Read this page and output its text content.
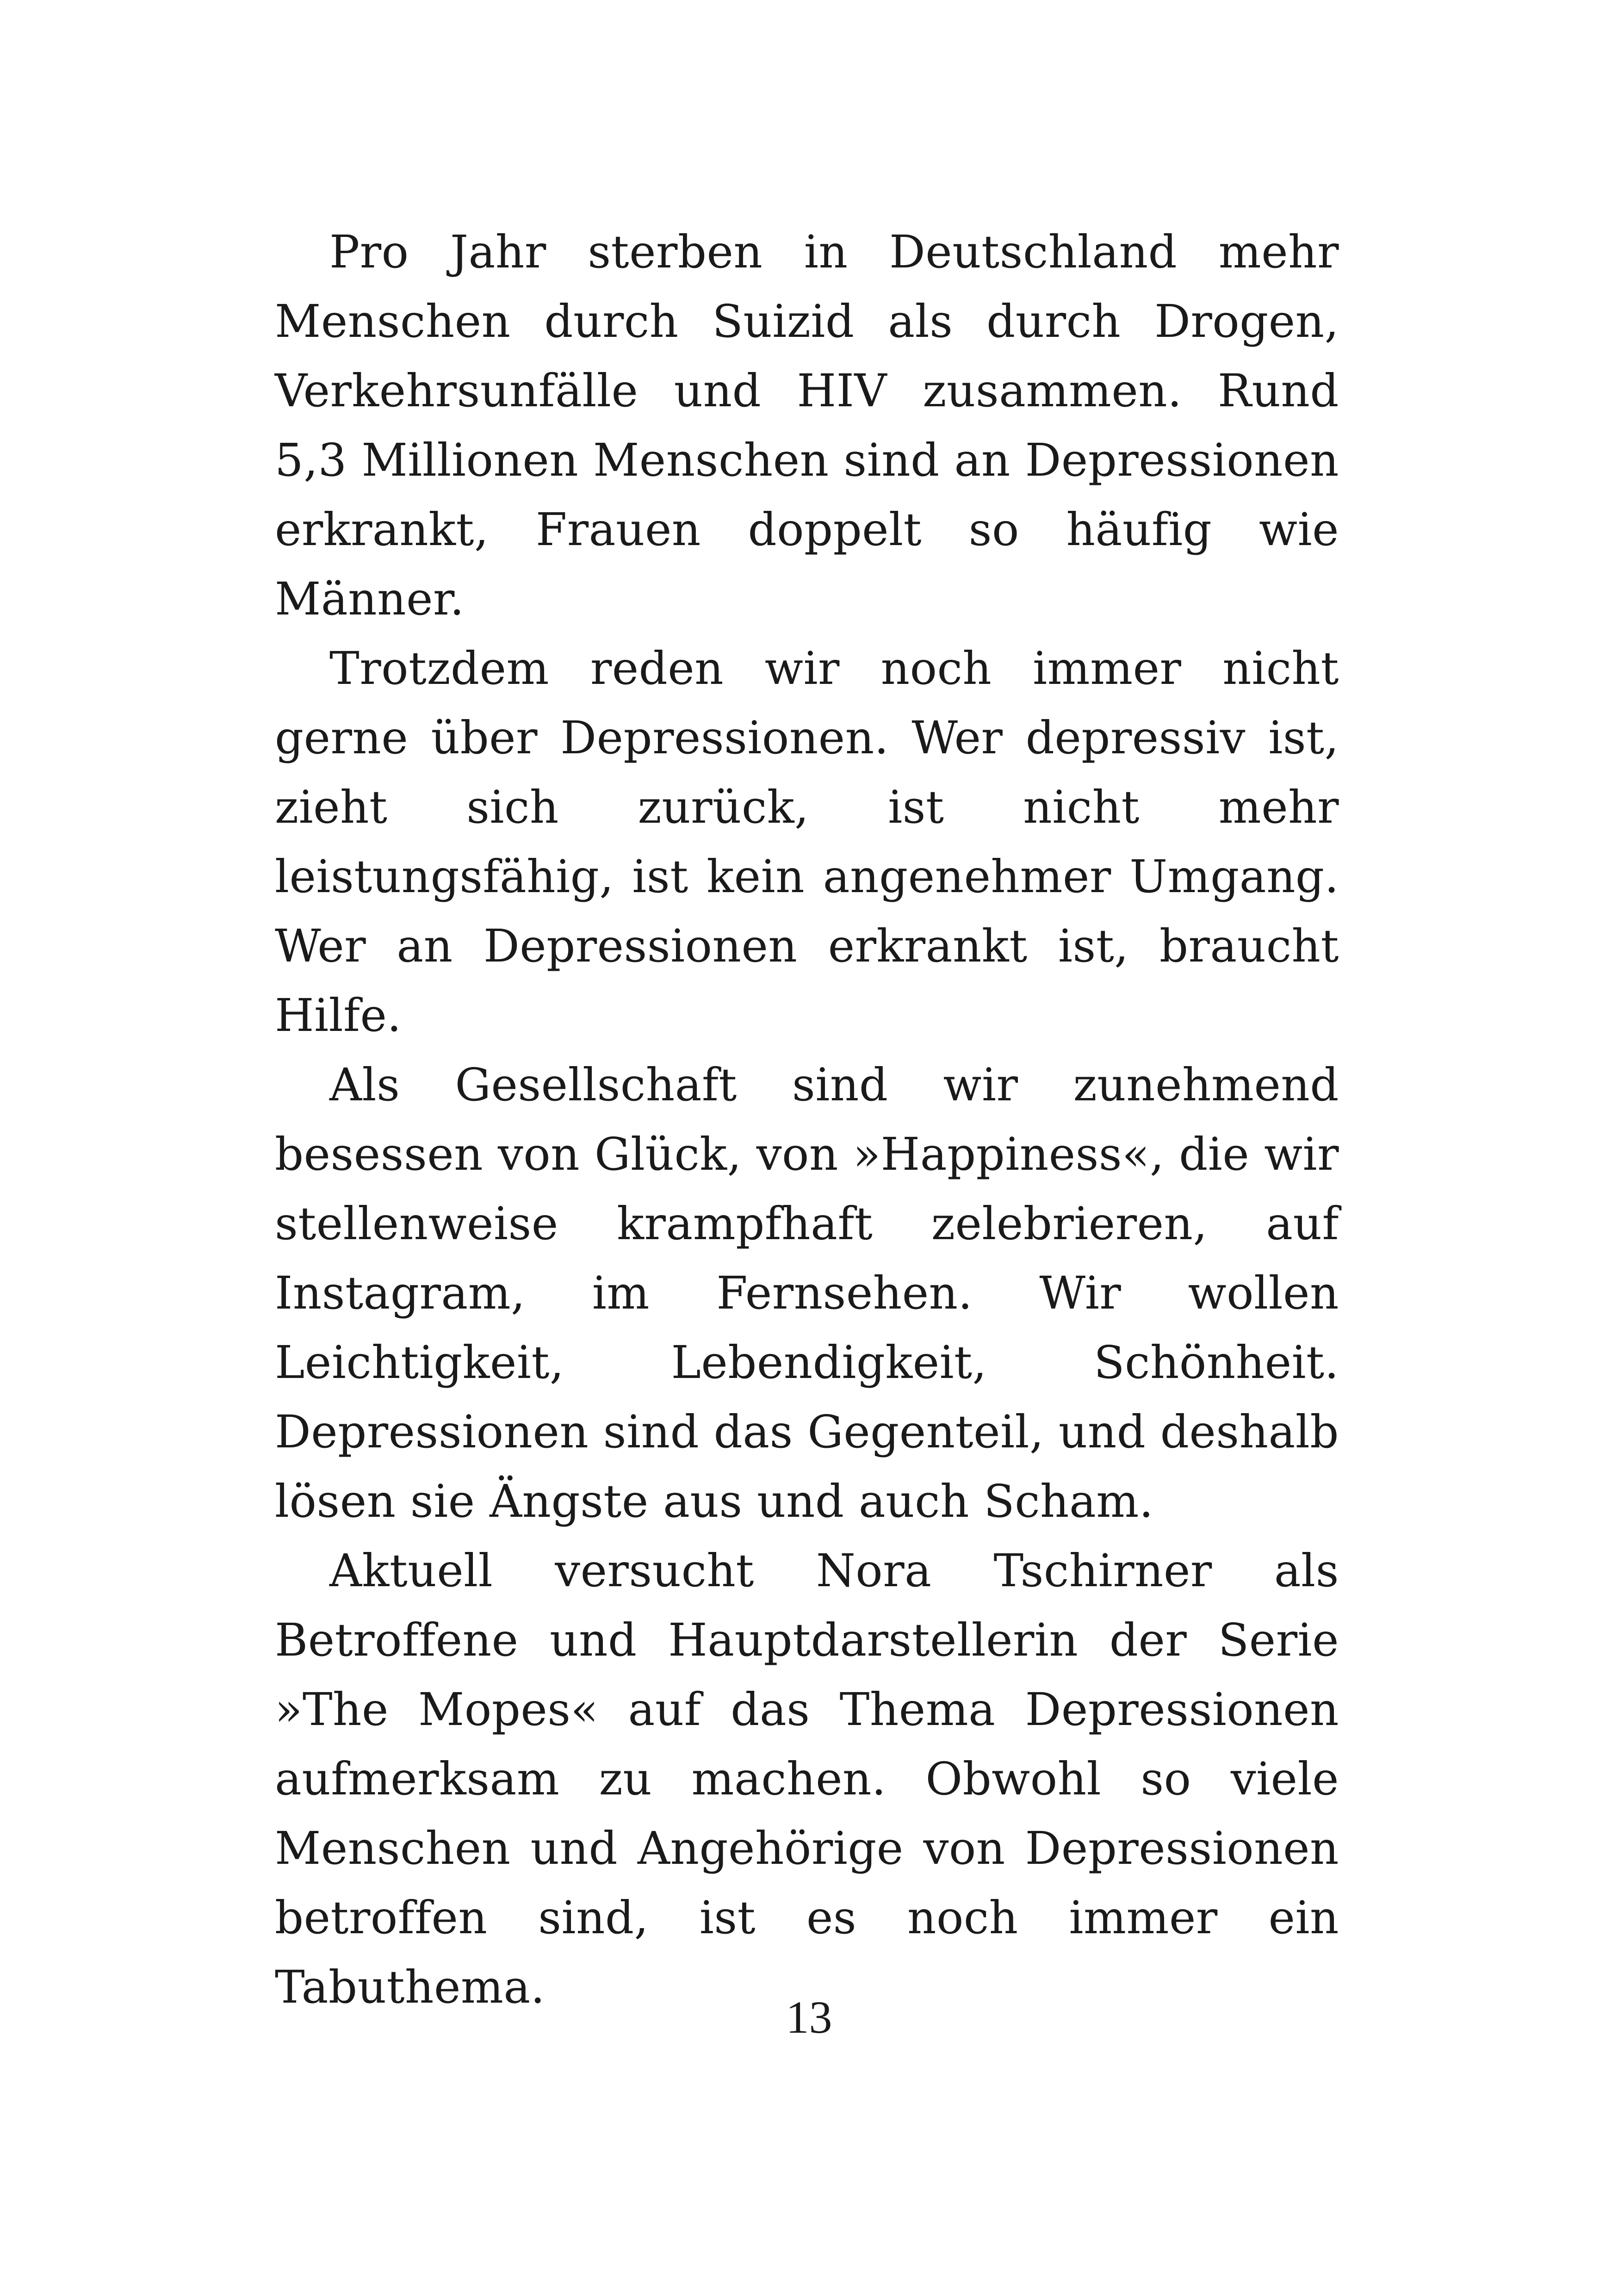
Pro Jahr sterben in Deutschland mehr Menschen durch Suizid als durch Drogen, Verkehrsunfälle und HIV zusammen. Rund 5,3 Millionen Menschen sind an Depressionen erkrankt, Frauen doppelt so häufig wie Männer.

Trotzdem reden wir noch immer nicht gerne über Depressionen. Wer depressiv ist, zieht sich zurück, ist nicht mehr leistungsfähig, ist kein angenehmer Umgang. Wer an Depressionen erkrankt ist, braucht Hilfe.

Als Gesellschaft sind wir zunehmend besessen von Glück, von »Happiness«, die wir stellenweise krampfhaft zelebrieren, auf Instagram, im Fernsehen. Wir wollen Leichtigkeit, Lebendigkeit, Schönheit. Depressionen sind das Gegenteil, und deshalb lösen sie Ängste aus und auch Scham.

Aktuell versucht Nora Tschirner als Betroffene und Hauptdarstellerin der Serie »The Mopes« auf das Thema Depressionen aufmerksam zu machen. Obwohl so viele Menschen und Angehörige von Depressionen betroffen sind, ist es noch immer ein Tabuthema.

13
